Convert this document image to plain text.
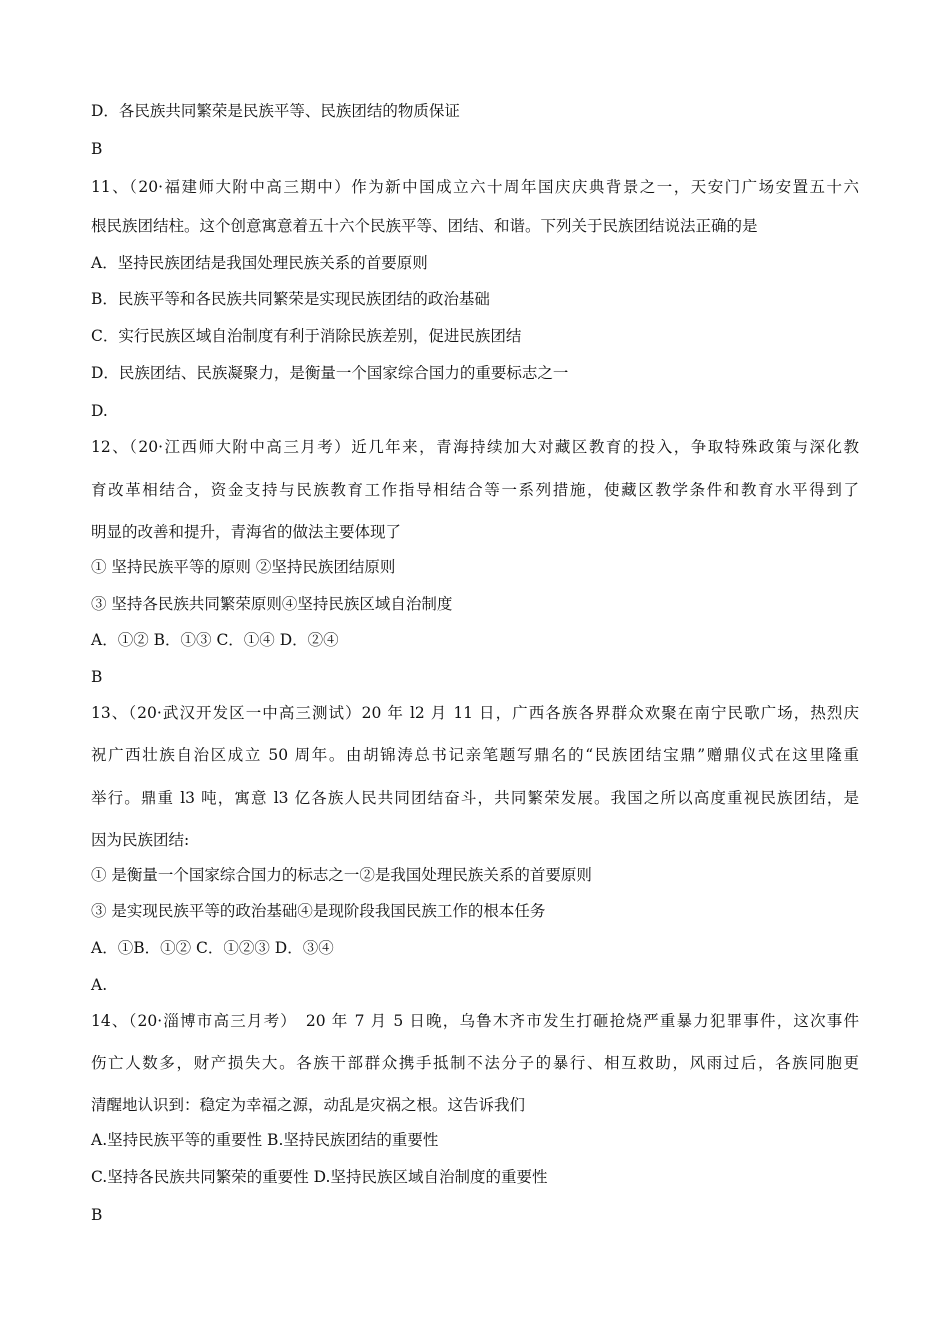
D．各民族共同繁荣是民族平等、民族团结的物质保证
B
11、（20·福建师大附中高三期中）作为新中国成立六十周年国庆庆典背景之一，天安门广场安置五十六
根民族团结柱。这个创意寓意着五十六个民族平等、团结、和谐。下列关于民族团结说法正确的是
A．坚持民族团结是我国处理民族关系的首要原则
B．民族平等和各民族共同繁荣是实现民族团结的政治基础
C．实行民族区域自治制度有利于消除民族差别，促进民族团结
D．民族团结、民族凝聚力，是衡量一个国家综合国力的重要标志之一
D.
12、（20·江西师大附中高三月考）近几年来，青海持续加大对藏区教育的投入，争取特殊政策与深化教
育改革相结合，资金支持与民族教育工作指导相结合等一系列措施，使藏区教学条件和教育水平得到了
明显的改善和提升，青海省的做法主要体现了
① 坚持民族平等的原则 ②坚持民族团结原则
③ 坚持各民族共同繁荣原则④坚持民族区域自治制度
A．①② B．①③ C．①④ D．②④
B
13、（20·武汉开发区一中高三测试）20 年 l2 月 11 日，广西各族各界群众欢聚在南宁民歌广场，热烈庆
祝广西壮族自治区成立 50 周年。由胡锦涛总书记亲笔题写鼎名的“民族团结宝鼎”赠鼎仪式在这里隆重
举行。鼎重 l3 吨，寓意 l3 亿各族人民共同团结奋斗，共同繁荣发展。我国之所以高度重视民族团结，是
因为民族团结:
① 是衡量一个国家综合国力的标志之一②是我国处理民族关系的首要原则
③ 是实现民族平等的政治基础④是现阶段我国民族工作的根本任务
A．①B．①② C．①②③ D．③④
A.
14、（20·淄博市高三月考）　20 年 7 月 5 日晚，乌鲁木齐市发生打砸抢烧严重暴力犯罪事件，这次事件
伤亡人数多，财产损失大。各族干部群众携手抵制不法分子的暴行、相互救助，风雨过后，各族同胞更
清醒地认识到：稳定为幸福之源，动乱是灾祸之根。这告诉我们
A.坚持民族平等的重要性 B.坚持民族团结的重要性
C.坚持各民族共同繁荣的重要性 D.坚持民族区域自治制度的重要性
B
